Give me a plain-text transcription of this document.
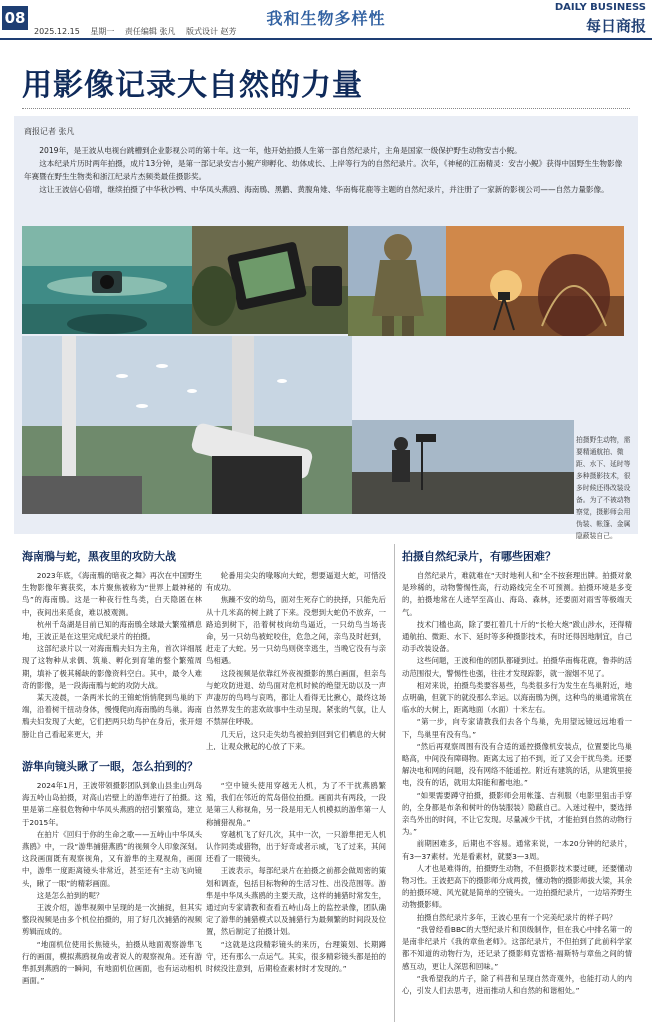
08
2025.12.15 星期一 责任编辑 张凡 版式设计 赵芳
我和生物多样性
DAILY BUSINESS
每日商报
用影像记录大自然的力量
商报记者 张凡

2019年，是王波从电视台跳槽到企业影视公司的第十年。这一年，他开始拍摄人生第一部自然纪录片，主角是国家一级保护野生动物安吉小鲵。

这本纪录片历时两年拍摄，成片13分钟，是第一部记录安吉小鲵产卵孵化、幼体成长、上岸等行为的自然纪录片。次年，《神秘的江南精灵：安吉小鲵》获得中国野生生物影像年赛暨在野生生物类和浙江纪录片杰频类最佳摄影奖。

这让王波信心倍增，继续拍摄了中华秋沙鸭、中华凤头燕鸥、海南鳽、黑鹳、黄腹角雉、华南梅花鹿等主题的自然纪录片，并注册了一家新的影视公司——自然力量影像。

拍摄野生动物，需要精通航拍、微距、水下、延时等多种摄影技术，很多时候还得改装设备。为了不被动物察觉，摄影师会用伪装、帐篷、金属隐蔽装自己。
海南鳽与蛇，黑夜里的攻防大战

2023年底，《海南鳽的暗夜之舞》再次在中国野生生物影像年赛获奖，本片聚焦被称为“世界上最神秘的鸟”的海南鳽。这是一种夜行性鸟类，白天隐匿在林中，夜间出来觅食，难以被观测。

杭州千岛湖是目前已知的海南鳽全球最大繁殖栖息地，王波正是在这里完成纪录片的拍摄。

这部纪录片以一对海南鳽夫妇为主角，首次详细展现了这物种从求偶、筑巢、孵化到育雏的整个繁殖周期，填补了极其稀缺的影像资料空白。其中，最令人难奇的影像，是一段海南鳽与蛇的攻防大战。

某天凌晨，一条两米长的王锦蛇悄悄爬到鸟巢的下端，沿着树干扭动身体，慢慢爬向海南鳽的鸟巢。海南鳽夫妇发现了大蛇，它们把两只幼鸟护在身后，张开翅膀让自己看起来更大，并

轮番用尖尖的喙啄向大蛇，想要逼退大蛇，可惜没有成功。

焦躁不安的幼鸟，面对生死存亡的抉择，只能先后从十几米高的树上跳了下来。没想到大蛇仍不放弃，一路追到树下，沿着树枝向幼鸟逼近，一只幼鸟当场丧命，另一只幼鸟被蛇咬住，危急之间，亲鸟及时赶到，赶走了大蛇。另一只幼鸟则侥幸逃生，当晚它没有与亲鸟相遇。

这段视频是依靠红外夜视摄影的黑白画面，但亲鸟与蛇攻防进退、幼鸟面对危机时候的绝望无助以及一声声凄厉的鸟鸣与哀鸣，都让人看得无比揪心，最终这场自然界发生的悲欢故事中生动呈现。紧张的气氛，让人不禁屏住呼吸。

几天后，这只走失幼鸟被拍到回到它们栖息的大树上，让观众揪起的心放了下来。

游隼向镜头瞅了一眼，怎么拍到的？

2024年1月，王波带领摄影团队到象山县韭山列岛海五岭山岛拍摄，对高山岩壁上的游隼进行了拍摄。这里是第二座很危物种中华凤头燕鸥的招引繁殖岛，建立于2015年。

在拍片《回归于你的生命之歌——五峙山中华凤头燕鸥》中，一段“游隼捕猎燕鸥”的视频令人印象深刻。这段画面既有观察视角，又有游隼的主观视角，画面中，游隼一度距离镜头非常近，甚至还有“主动飞向镜头，瞅了一眼”的精彩画面。

这是怎么拍到的呢？

王波介绍，游隼视频中呈现的是一次捕捉，但其实整段视频是由多个机位拍摄的，用了好几次捕猎的视频剪辑而成的。

“地面机位使用长焦镜头，拍摄从地面观察游隼飞行的画面，模拟燕鸥视角或者说人的观察视角。还有游隼抓到燕鸥的一瞬间，有地面机位画面，也有运动相机画面。”

“空中镜头使用穿越无人机，为了不干扰燕鸥繁殖，我们在邻近的荒岛借位拍摄。画面共有两段，一段是第三人称视角，另一段是用无人机模拟的游隼第一人称捕猎视角。”

穿越机飞了好几次，其中一次，一只游隼把无人机认作同类或猎物，出于好奇或者示威，飞了过来，其间还看了一眼镜头。

王波表示，每部纪录片在拍摄之前都会做周密的策划和调查，包括目标物种的生活习性、出没范围等。游隼是中华凤头燕鸥的主要天敌，这样的捕猎时常发生，通过向专家请教和查看五峙山岛上的监控录像，团队确定了游隼的捕猎模式以及捕猎行为最频繁的时间段及位置，然后制定了拍摄计划。

“这就是这段精彩镜头的来历，台理策划、长期蹲守，还有那么一点运气。其实，很多精彩镜头都是拍的时候没注意到，后期检查素材时才发现的。”

拍摄自然纪录片，有哪些困难？

自然纪录片，难就难在“天时地利人和”全不按套理出牌。拍摄对象是珍稀的，动物警惕性高，行动路线完全不可预测。拍摄环境是多变的，拍摄地常在人迹罕至高山、海岛、森林，还要面对雨雪等极端天气。

技术门槛也高，除了要扛着几十斤的“长枪大炮”跋山涉水，还得精通航拍、微距、水下、延时等多种摄影技术，有时还得因地制宜，自己动手改装设备。

这些问题，王波和他的团队都碰到过。拍摄华南梅花鹿，鲁莽的活动范围很大，警惕性也强，往往才发现踪影，就一溜烟不见了。

相对来说，拍摄鸟类要容易些，鸟类很多行为发生在鸟巢附近，地点明确，但就下的就没那么幸运。以海南鳽为例，这种鸟的巢通常筑在临水的大树上，距离地面（水面）十米左右。

“第一步，向专家请教我们去各个鸟巢，先用望远镜远远地看一下，鸟巢里有没有鸟。”

“然后再观察周围有没有合适的遥控摄像机安装点，位置要比鸟巢略高，中间没有障碍物。距离太远了拍不到，近了又会干扰鸟类。还要解决电和网的问题，没有网络不能遥控。附近有建筑的话，从建筑里接电，没有的话，就用太阳能和蓄电池。”

“如果需要蹲守拍摄，摄影师会用帐篷、吉利服（电影里狙击手穿的，全身都是布条和树叶的伪装服装）隐蔽自己。入迷过程中，要选择亲鸟外出的时间，不让它发现。尽量减少干扰，才能拍到自然的动物行为。”

前期困难多，后期也不容易。通常来说，一本20分钟的纪录片，有3—37素材。光是看素材，就要3—3周。

人才也是难得的，拍摄野生动物，不但摄影技术要过硬，还要懂动物习性。王波把高下的摄影师分成两拨，懂动物的摄影师拔大梁，其余的拍摄环境、风光就是简单的空镜头。一边拍摄纪录片，一边培养野生动物摄影师。

拍摄自然纪录片多年，王波心里有一个完美纪录片的样子吗？

“我曾经看BBC的大型纪录片和顶级制作，但在我心中排名第一的是南非纪录片《我的章鱼老师》。这部纪录片，不但拍到了此前科学家都不知道的动物行为，还记录了摄影师克雷格·福斯特与章鱼之间的情感互动，更让人深思和回味。”

“我希望我的片子，除了科普和呈现自然奇观外，也能打动人的内心，引发人们去思考，进而推动人和自然的和谐相处。”
